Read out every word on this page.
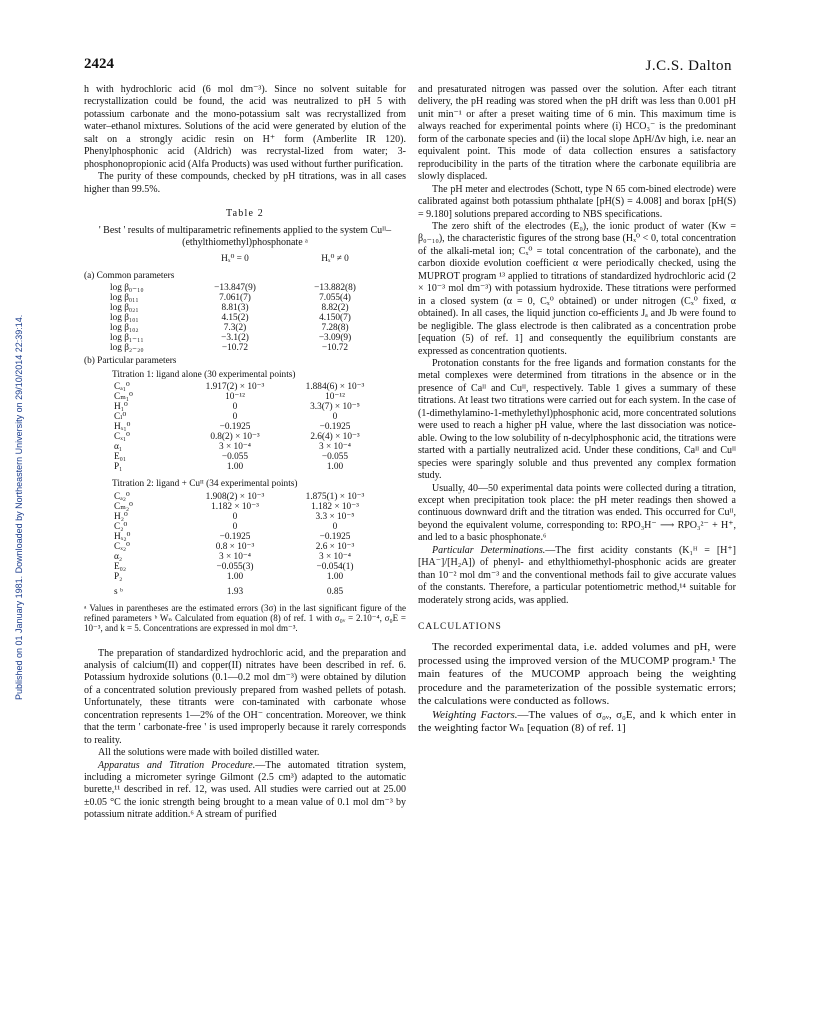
2424	J.C.S. Dalton
Published on 01 January 1981. Downloaded by Northeastern University on 29/10/2014 22:39:14.

h with hydrochloric acid (6 mol dm⁻³). Since no solvent suitable for recrystallization could be found, the acid was neutralized to pH 5 with potassium carbonate and the mono-potassium salt was recrystallized from water–ethanol mixtures. Solutions of the acid were generated by elution of the salt on a strongly acidic resin on H⁺ form (Amberlite IR 120). Phenylphosphonic acid (Aldrich) was recrystal-lized from water; 3-phosphonopropionic acid (Alfa Products) was used without further purification.

The purity of these compounds, checked by pH titrations, was in all cases higher than 99.5%.

Table 2
' Best ' results of multiparametric refinements applied to the system Cuᴵᴵ–(ethylthiomethyl)phosphonate ᵃ
Hₓ⁰ = 0	Hₓ⁰ ≠ 0
(a) Common parameters
log β₀₋₁₀	−13.847(9)	−13.882(8)
log β₀₁₁	7.061(7)	7.055(4)
log β₀₂₁	8.81(3)	8.82(2)
log β₁₀₁	4.15(2)	4.150(7)
log β₁₀₂	7.3(2)	7.28(8)
log β₁₋₁₁	−3.1(2)	−3.09(9)
log β₂₋₂₀	−10.72	−10.72
(b) Particular parameters
Titration 1: ligand alone (30 experimental points)
Cₐ₁⁰	1.917(2) × 10⁻³	1.884(6) × 10⁻³
Cₘ₁⁰	10⁻¹²	10⁻¹²
H₁⁰	0	3.3(7) × 10⁻⁵
Cₗ⁰	0	0
Hₓ₁⁰	−0.1925	−0.1925
Cₓ₁⁰	0.8(2) × 10⁻³	2.6(4) × 10⁻³
α₁	3 × 10⁻⁴	3 × 10⁻⁴
E₀₁	−0.055	−0.055
P₁	1.00	1.00
Titration 2: ligand + Cuᴵᴵ (34 experimental points)
Cₐ₂⁰	1.908(2) × 10⁻³	1.875(1) × 10⁻³
Cₘ₂⁰	1.182 × 10⁻³	1.182 × 10⁻³
H₂⁰	0	3.3 × 10⁻⁵
C₂⁰	0	0
Hₓ₂⁰	−0.1925	−0.1925
Cₓ₂⁰	0.8 × 10⁻³	2.6 × 10⁻³
α₂	3 × 10⁻⁴	3 × 10⁻⁴
E₀₂	−0.055(3)	−0.054(1)
P₂	1.00	1.00
s ᵇ	1.93	0.85
ᵃ Values in parentheses are the estimated errors (3σ) in the last significant figure of the refined parameters ᵇ Wₙ Calculated from equation (8) of ref. 1 with σ₀ᵥ = 2.10⁻⁴, σ₀E = 10⁻³, and k = 5. Concentrations are expressed in mol dm⁻³.

The preparation of standardized hydrochloric acid, and the preparation and analysis of calcium(II) and copper(II) nitrates have been described in ref. 6. Potassium hydroxide solutions (0.1—0.2 mol dm⁻³) were obtained by dilution of a concentrated solution previously prepared from washed pellets of potash. Unfortunately, these titrants were con-taminated with carbonate whose concentration represents 1—2% of the OH⁻ concentration. Moreover, we think that the term ' carbonate-free ' is used improperly because it rarely corresponds to reality.

All the solutions were made with boiled distilled water.

Apparatus and Titration Procedure.—The automated titration system, including a micrometer syringe Gilmont (2.5 cm³) adapted to the automatic burette,¹¹ described in ref. 12, was used. All studies were carried out at 25.00 ±0.05 °C the ionic strength being brought to a mean value of 0.1 mol dm⁻³ by potassium nitrate addition.⁶ A stream of purified

and presaturated nitrogen was passed over the solution. After each titrant delivery, the pH reading was stored when the pH drift was less than 0.001 pH unit min⁻¹ or after a preset waiting time of 6 min. This maximum time is always reached for experimental points where (i) HCO₃⁻ is the predominant form of the carbonate species and (ii) the local slope ΔpH/Δv high, i.e. near an equivalent point. This mode of data collection ensures a satisfactory reproducibility in the parts of the titration where the carbonate equilibria are slowly displaced.

The pH meter and electrodes (Schott, type N 65 com-bined electrode) were calibrated against both potassium phthalate [pH(S) = 4.008] and borax [pH(S) = 9.180] solutions prepared according to NBS specifications.

The zero shift of the electrodes (E₀), the ionic product of water (Kw = β₀₋₁₀), the characteristic figures of the strong base (Hₓ⁰ < 0, total concentration of the alkali-metal ion; Cₓ⁰ = total concentration of the carbonate), and the carbon dioxide evolution coefficient α were periodically checked, using the MUPROT program ¹³ applied to titrations of standardized hydrochloric acid (2 × 10⁻³ mol dm⁻³) with potassium hydroxide. These titrations were performed in a closed system (α = 0, Cₓ⁰ obtained) or under nitrogen (Cₓ⁰ fixed, α obtained). In all cases, the liquid junction co-efficients Jₐ and Jb were found to be negligible. The glass electrode is then calibrated as a concentration probe [equation (5) of ref. 1] and consequently the equilibrium constants are expressed as concentration quotients.

Protonation constants for the free ligands and formation constants for the metal complexes were determined from titrations in the absence or in the presence of Caᴵᴵ and Cuᴵᴵ, respectively. Table 1 gives a summary of these titrations. At least two titrations were carried out for each system. In the case of (1-dimethylamino-1-methylethyl)phosphonic acid, more concentrated solutions were used to reach a higher pH value, where the last dissociation was notice-able. Owing to the low solubility of n-decylphosphonic acid, the titrations were started with a partially neutralized acid. Under these conditions, Caᴵᴵ and Cuᴵᴵ species were sparingly soluble and thus prevented any complex formation study.

Usually, 40—50 experimental data points were collected during a titration, except when precipitation took place: the pH meter readings then showed a continuous downward drift and the titration was ended. This occurred for Cuᴵᴵ, beyond the equivalent volume, corresponding to: RPO₃H⁻ ⟶ RPO₃²⁻ + H⁺, and led to a basic phosphonate.⁶

Particular Determinations.—The first acidity constants (K₁ᴴ = [H⁺][HA⁻]/[H₂A]) of phenyl- and ethylthiomethyl-phosphonic acids are greater than 10⁻² mol dm⁻³ and the conventional methods fail to give accurate values of the constants. Therefore, a particular potentiometric method,¹⁴ suitable for moderately strong acids, was applied.

CALCULATIONS

The recorded experimental data, i.e. added volumes and pH, were processed using the improved version of the MUCOMP program.¹ The main features of the MUCOMP approach being the weighting procedure and the parameterization of the possible systematic errors; the calculations were conducted as follows.

Weighting Factors.—The values of σ₀ᵥ, σ₀E, and k which enter in the weighting factor Wₙ [equation (8) of ref. 1]
